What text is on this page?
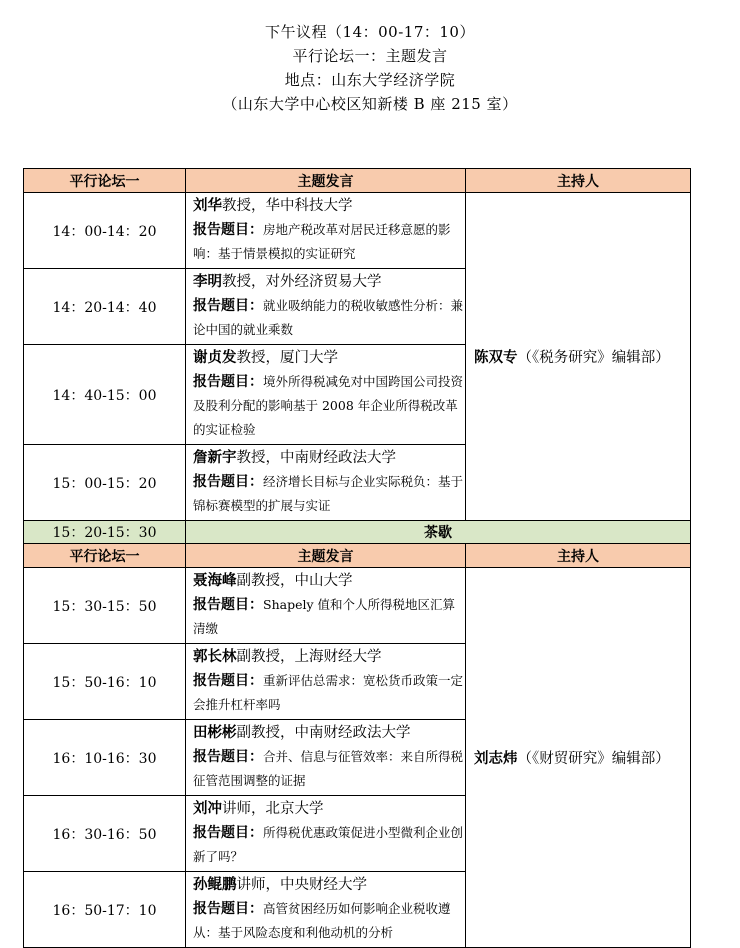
下午议程（14：00-17：10）
平行论坛一：主题发言
地点：山东大学经济学院
（山东大学中心校区知新楼 B 座 215 室）
平行论坛一	主题发言	主持人
14：00-14：20	刘华教授，华中科技大学
报告题目：房地产税改革对居民迁移意愿的影响：基于情景模拟的实证研究	陈双专（《税务研究》编辑部）
14：20-14：40	李明教授，对外经济贸易大学
报告题目：就业吸纳能力的税收敏感性分析：兼论中国的就业乘数	

14：40-15：00	谢贞发教授，厦门大学
报告题目：境外所得税减免对中国跨国公司投资及股利分配的影响基于 2008 年企业所得税改革的实证检验	

15：00-15：20	詹新宇教授，中南财经政法大学
报告题目：经济增长目标与企业实际税负：基于锦标赛模型的扩展与实证	

15：20-15：30	茶歇	
平行论坛一	主题发言	主持人
15：30-15：50	聂海峰副教授，中山大学
报告题目：Shapely 值和个人所得税地区汇算清缴	刘志炜（《财贸研究》编辑部）
15：50-16：10	郭长林副教授，上海财经大学
报告题目：重新评估总需求：宽松货币政策一定会推升杠杆率吗	

16：10-16：30	田彬彬副教授，中南财经政法大学
报告题目：合并、信息与征管效率：来自所得税征管范围调整的证据	

16：30-16：50	刘冲讲师，北京大学
报告题目：所得税优惠政策促进小型微利企业创新了吗？	

16：50-17：10	孙鲲鹏讲师，中央财经大学
报告题目：高管贫困经历如何影响企业税收遵从：基于风险态度和利他动机的分析	
